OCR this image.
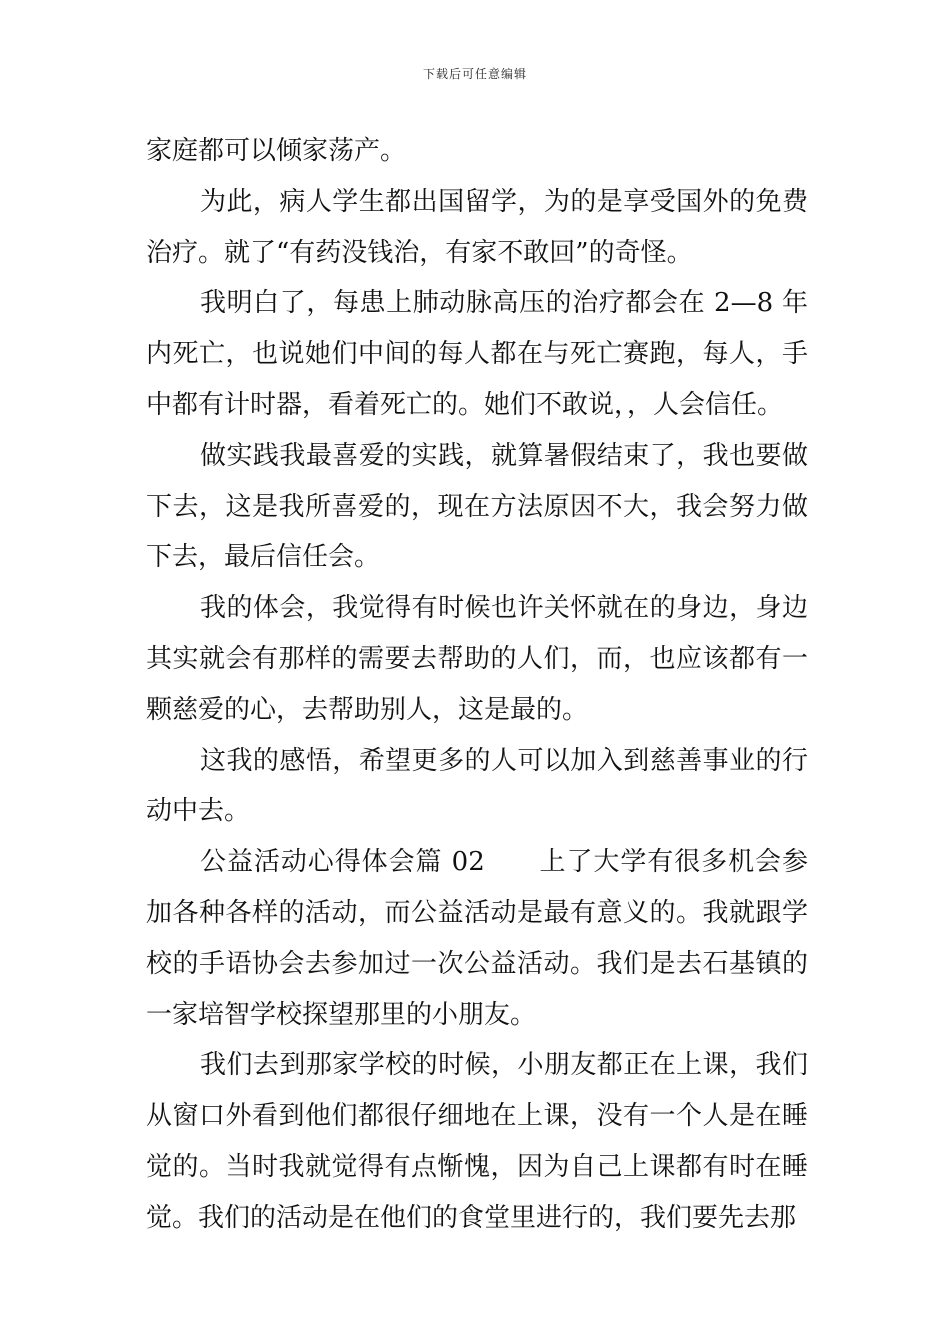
下载后可任意编辑

家庭都可以倾家荡产。

为此，病人学生都出国留学，为的是享受国外的免费治疗。就了“有药没钱治，有家不敢回”的奇怪。

我明白了，每患上肺动脉高压的治疗都会在 2—8 年内死亡，也说她们中间的每人都在与死亡赛跑，每人，手中都有计时器，看着死亡的。她们不敢说，，人会信任。

做实践我最喜爱的实践，就算暑假结束了，我也要做下去，这是我所喜爱的，现在方法原因不大，我会努力做下去，最后信任会。

我的体会，我觉得有时候也许关怀就在的身边，身边其实就会有那样的需要去帮助的人们，而，也应该都有一颗慈爱的心，去帮助别人，这是最的。

这我的感悟，希望更多的人可以加入到慈善事业的行动中去。

公益活动心得体会篇 02　　上了大学有很多机会参加各种各样的活动，而公益活动是最有意义的。我就跟学校的手语协会去参加过一次公益活动。我们是去石基镇的一家培智学校探望那里的小朋友。

我们去到那家学校的时候，小朋友都正在上课，我们从窗口外看到他们都很仔细地在上课，没有一个人是在睡觉的。当时我就觉得有点惭愧，因为自己上课都有时在睡觉。我们的活动是在他们的食堂里进行的，我们要先去那
